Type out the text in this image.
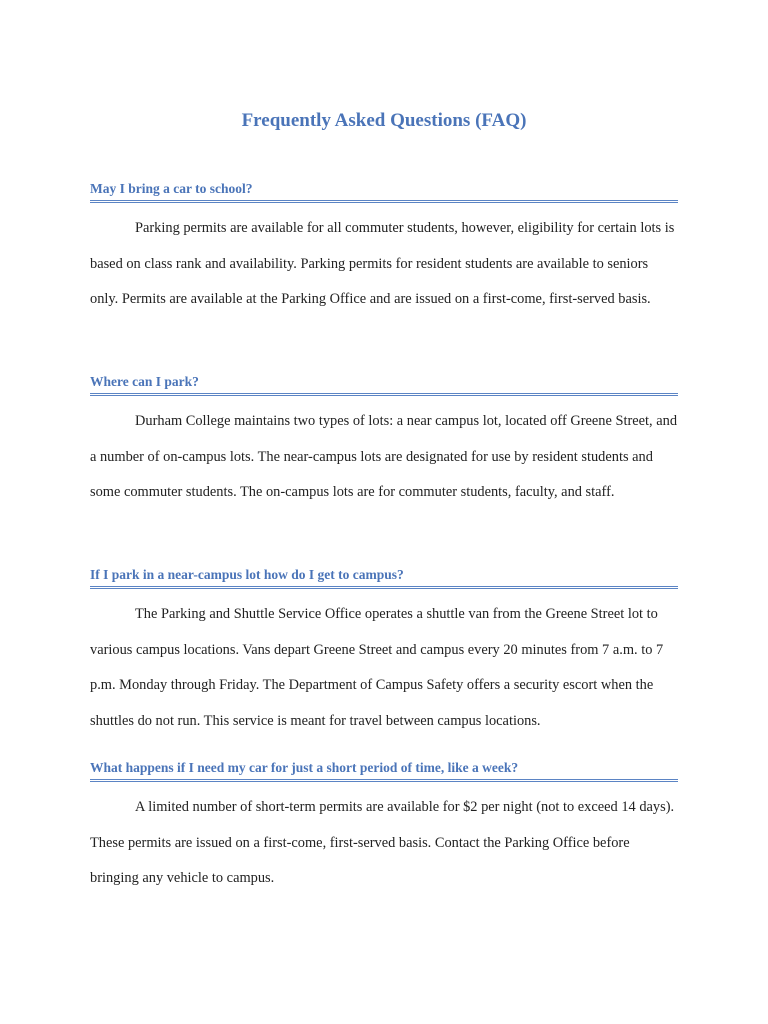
Frequently Asked Questions (FAQ)
May I bring a car to school?

Parking permits are available for all commuter students, however, eligibility for certain lots is based on class rank and availability. Parking permits for resident students are available to seniors only. Permits are available at the Parking Office and are issued on a first-come, first-served basis.

Where can I park?

Durham College maintains two types of lots: a near campus lot, located off Greene Street, and a number of on-campus lots. The near-campus lots are designated for use by resident students and some commuter students. The on-campus lots are for commuter students, faculty, and staff.

If I park in a near-campus lot how do I get to campus?

The Parking and Shuttle Service Office operates a shuttle van from the Greene Street lot to various campus locations. Vans depart Greene Street and campus every 20 minutes from 7 a.m. to 7 p.m. Monday through Friday. The Department of Campus Safety offers a security escort when the shuttles do not run. This service is meant for travel between campus locations.

What happens if I need my car for just a short period of time, like a week?

A limited number of short-term permits are available for $2 per night (not to exceed 14 days). These permits are issued on a first-come, first-served basis. Contact the Parking Office before bringing any vehicle to campus.
